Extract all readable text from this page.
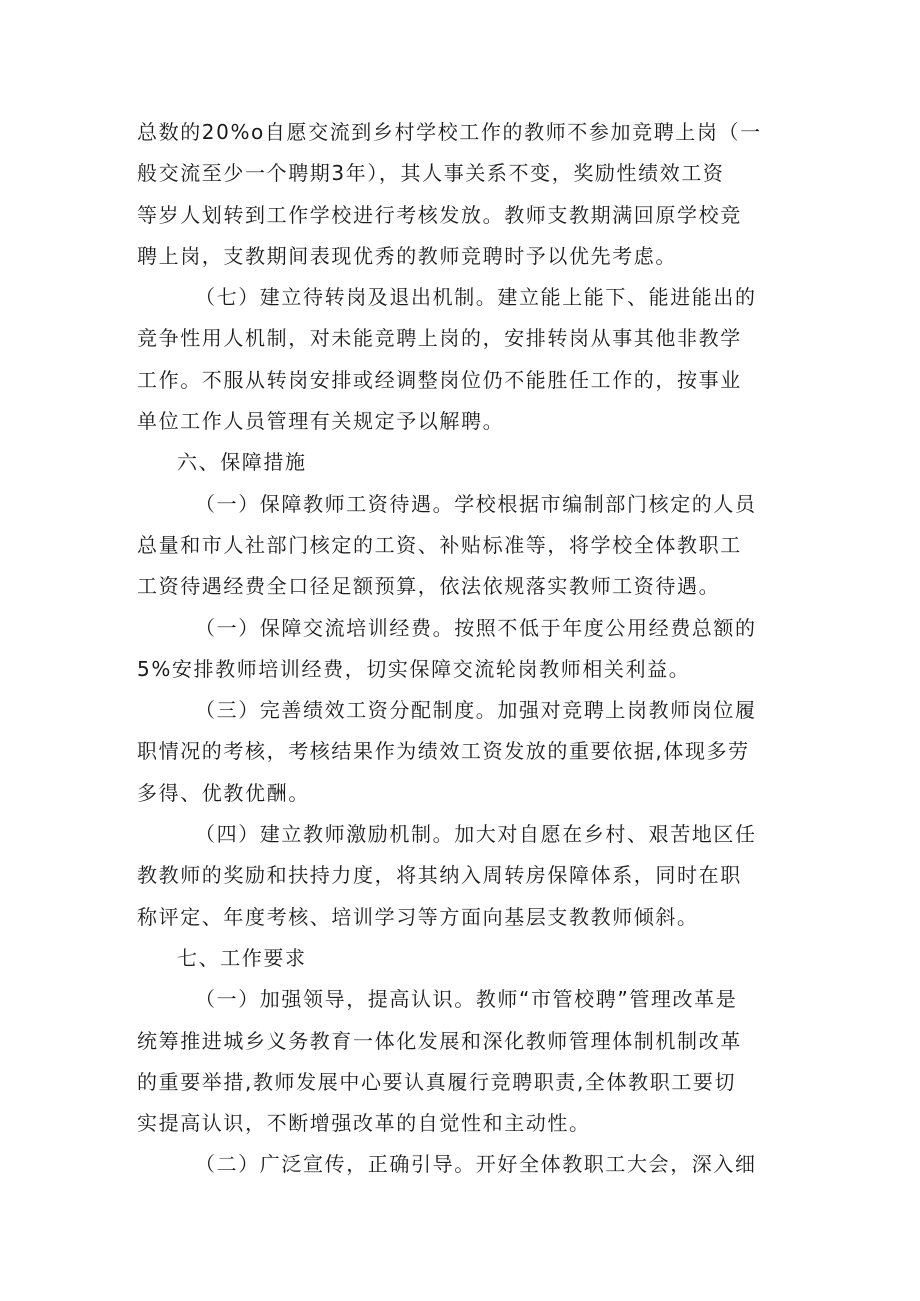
总数的20%o自愿交流到乡村学校工作的教师不参加竞聘上岗（一
般交流至少一个聘期3年），其人事关系不变，奖励性绩效工资
等岁人划转到工作学校进行考核发放。教师支教期满回原学校竞
聘上岗，支教期间表现优秀的教师竞聘时予以优先考虑。
（七）建立待转岗及退出机制。建立能上能下、能进能出的
竞争性用人机制，对未能竞聘上岗的，安排转岗从事其他非教学
工作。不服从转岗安排或经调整岗位仍不能胜任工作的，按事业
单位工作人员管理有关规定予以解聘。
六、保障措施
（一）保障教师工资待遇。学校根据市编制部门核定的人员
总量和市人社部门核定的工资、补贴标准等，将学校全体教职工
工资待遇经费全口径足额预算，依法依规落实教师工资待遇。
（一）保障交流培训经费。按照不低于年度公用经费总额的
5%安排教师培训经费，切实保障交流轮岗教师相关利益。
（三）完善绩效工资分配制度。加强对竞聘上岗教师岗位履
职情况的考核，考核结果作为绩效工资发放的重要依据,体现多劳
多得、优教优酬。
（四）建立教师激励机制。加大对自愿在乡村、艰苦地区任
教教师的奖励和扶持力度，将其纳入周转房保障体系，同时在职
称评定、年度考核、培训学习等方面向基层支教教师倾斜。
七、工作要求
（一）加强领导，提高认识。教师“市管校聘”管理改革是
统筹推进城乡义务教育一体化发展和深化教师管理体制机制改革
的重要举措,教师发展中心要认真履行竞聘职责,全体教职工要切
实提高认识，不断增强改革的自觉性和主动性。
（二）广泛宣传，正确引导。开好全体教职工大会，深入细
